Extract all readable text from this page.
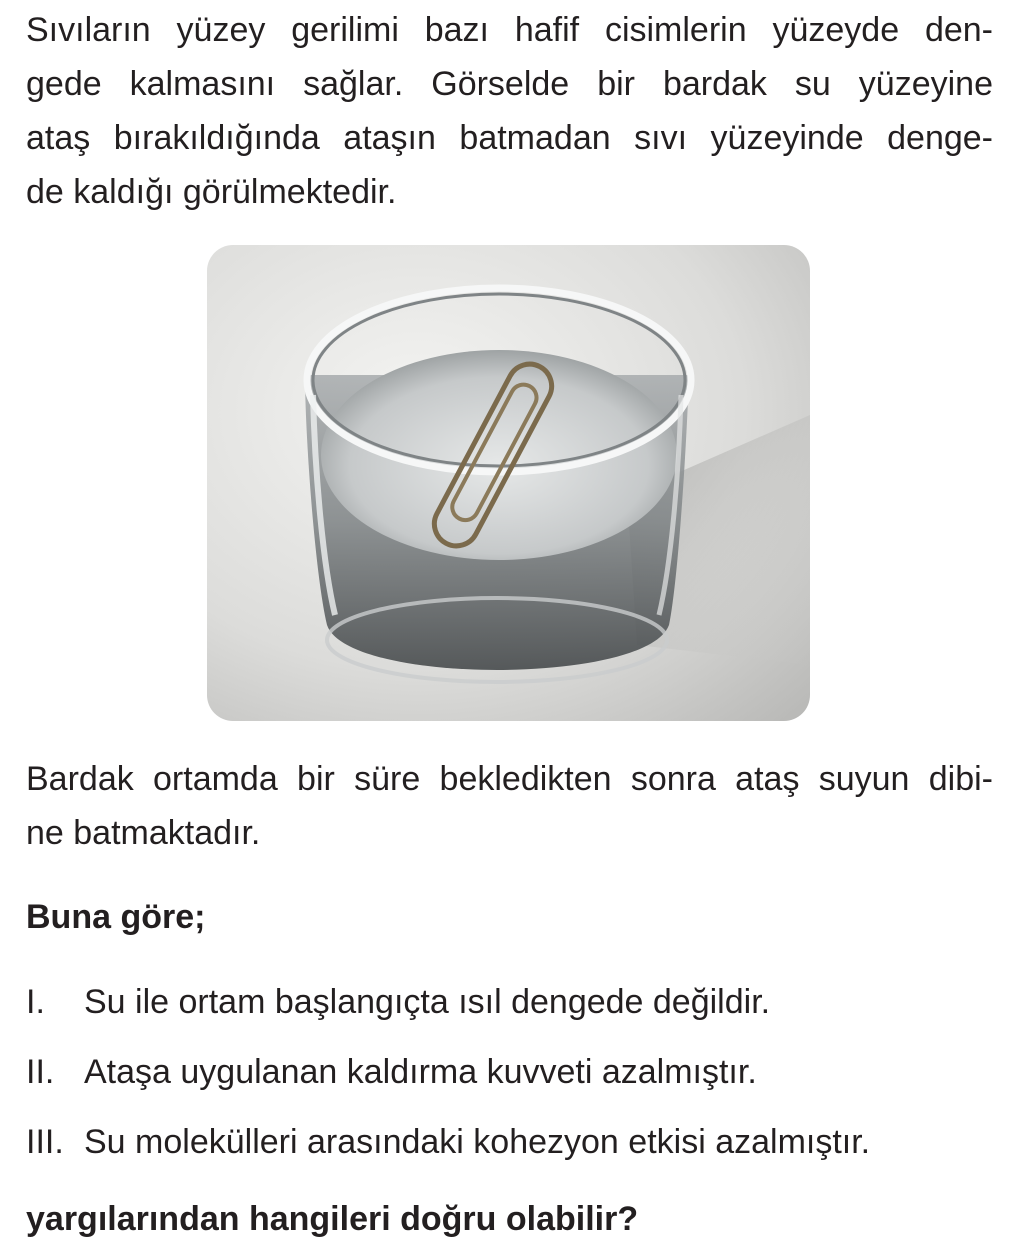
Sıvıların yüzey gerilimi bazı hafif cisimlerin yüzeyde den-
gede kalmasını sağlar. Görselde bir bardak su yüzeyine
ataş bırakıldığında ataşın batmadan sıvı yüzeyinde denge-
de kaldığı görülmektedir.

Bardak ortamda bir süre bekledikten sonra ataş suyun dibi-
ne batmaktadır.

Buna göre;

I. Su ile ortam başlangıçta ısıl dengede değildir.

II. Ataşa uygulanan kaldırma kuvveti azalmıştır.

III. Su molekülleri arasındaki kohezyon etkisi azalmıştır.

yargılarından hangileri doğru olabilir?
